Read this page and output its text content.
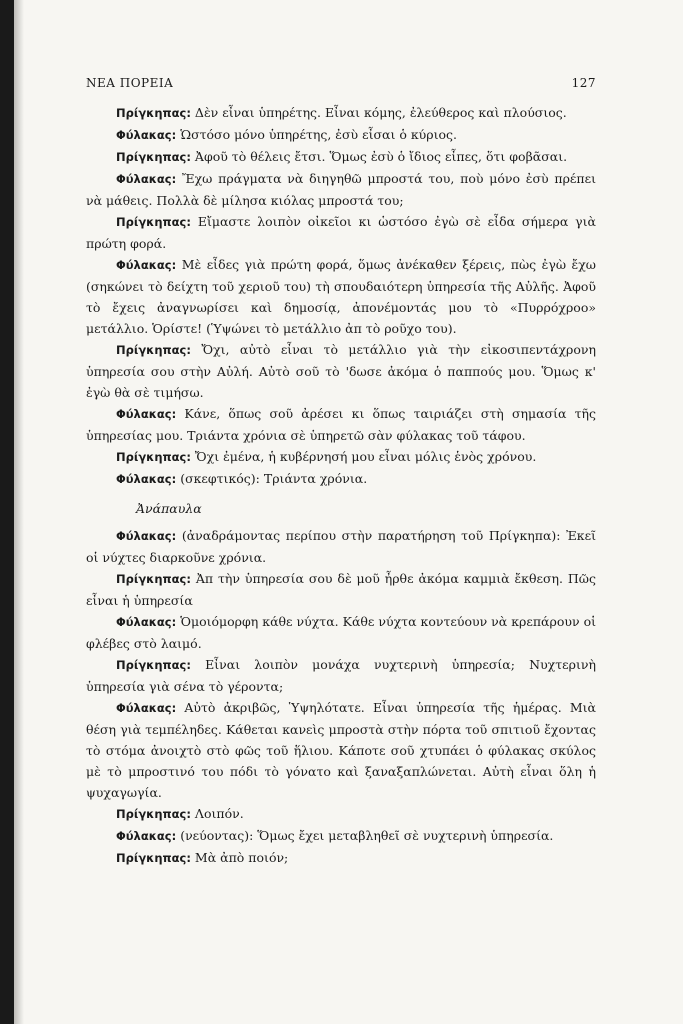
ΝΕΑ ΠΟΡΕΙΑ	127

Πρίγκηπας: Δὲν εἶναι ὑπηρέτης. Εἶναι κόμης, ἐλεύθερος καὶ πλούσιος.

Φύλακας: Ὡστόσο μόνο ὑπηρέτης, ἐσὺ εἶσαι ὁ κύριος.

Πρίγκηπας: Ἀφοῦ τὸ θέλεις ἔτσι. Ὅμως ἐσὺ ὁ ἴδιος εἶπες, ὅτι φοβᾶσαι.

Φύλακας: Ἔχω πράγματα νὰ διηγηθῶ μπροστά του, ποὺ μόνο ἐσὺ πρέπει νὰ μάθεις. Πολλὰ δὲ μίλησα κιόλας μπροστά του;

Πρίγκηπας: Εἴμαστε λοιπὸν οἰκεῖοι κι ὡστόσο ἐγὼ σὲ εἶδα σήμερα γιὰ πρώτη φορά.

Φύλακας: Μὲ εἶδες γιὰ πρώτη φορά, ὅμως ἀνέκαθεν ξέρεις, πὼς ἐγὼ ἔχω (σηκώνει τὸ δείχτη τοῦ χεριοῦ του) τὴ σπουδαιότερη ὑπηρεσία τῆς Αὐλῆς. Ἀφοῦ τὸ ἔχεις ἀναγνωρίσει καὶ δημοσίᾳ, ἀπονέμοντάς μου τὸ «Πυρρόχροο» μετάλλιο. Ὁρίστε! (Ὑψώνει τὸ μετάλλιο ἀπ τὸ ροῦχο του).

Πρίγκηπας: Ὄχι, αὐτὸ εἶναι τὸ μετάλλιο γιὰ τὴν εἰκοσιπεντάχρονη ὑπηρεσία σου στὴν Αὐλή. Αὐτὸ σοῦ τὸ 'δωσε ἀκόμα ὁ παππούς μου. Ὅμως κ' ἐγὼ θὰ σὲ τιμήσω.

Φύλακας: Κάνε, ὅπως σοῦ ἀρέσει κι ὅπως ταιριάζει στὴ σημασία τῆς ὑπηρεσίας μου. Τριάντα χρόνια σὲ ὑπηρετῶ σὰν φύλακας τοῦ τάφου.

Πρίγκηπας: Ὄχι ἐμένα, ἡ κυβέρνησή μου εἶναι μόλις ἑνὸς χρόνου.

Φύλακας: (σκεφτικός): Τριάντα χρόνια.

Ἀνάπαυλα

Φύλακας: (ἀναδράμοντας περίπου στὴν παρατήρηση τοῦ Πρίγκηπα): Ἐκεῖ οἱ νύχτες διαρκοῦνε χρόνια.

Πρίγκηπας: Ἀπ τὴν ὑπηρεσία σου δὲ μοῦ ἦρθε ἀκόμα καμμιὰ ἔκθεση. Πῶς εἶναι ἡ ὑπηρεσία

Φύλακας: Ὁμοιόμορφη κάθε νύχτα. Κάθε νύχτα κοντεύουν νὰ κρεπάρουν οἱ φλέβες στὸ λαιμό.

Πρίγκηπας: Εἶναι λοιπὸν μονάχα νυχτερινὴ ὑπηρεσία; Νυχτερινὴ ὑπηρεσία γιὰ σένα τὸ γέροντα;

Φύλακας: Αὐτὸ ἀκριβῶς, Ὑψηλότατε. Εἶναι ὑπηρεσία τῆς ἡμέρας. Μιὰ θέση γιὰ τεμπέληδες. Κάθεται κανεὶς μπροστὰ στὴν πόρτα τοῦ σπιτιοῦ ἔχοντας τὸ στόμα ἀνοιχτὸ στὸ φῶς τοῦ ἥλιου. Κάποτε σοῦ χτυπάει ὁ φύλακας σκύλος μὲ τὸ μπροστινό του πόδι τὸ γόνατο καὶ ξαναξαπλώνεται. Αὐτὴ εἶναι ὅλη ἡ ψυχαγωγία.

Πρίγκηπας: Λοιπόν.

Φύλακας: (νεύοντας): Ὅμως ἔχει μεταβληθεῖ σὲ νυχτερινὴ ὑπηρεσία.

Πρίγκηπας: Μὰ ἀπὸ ποιόν;
